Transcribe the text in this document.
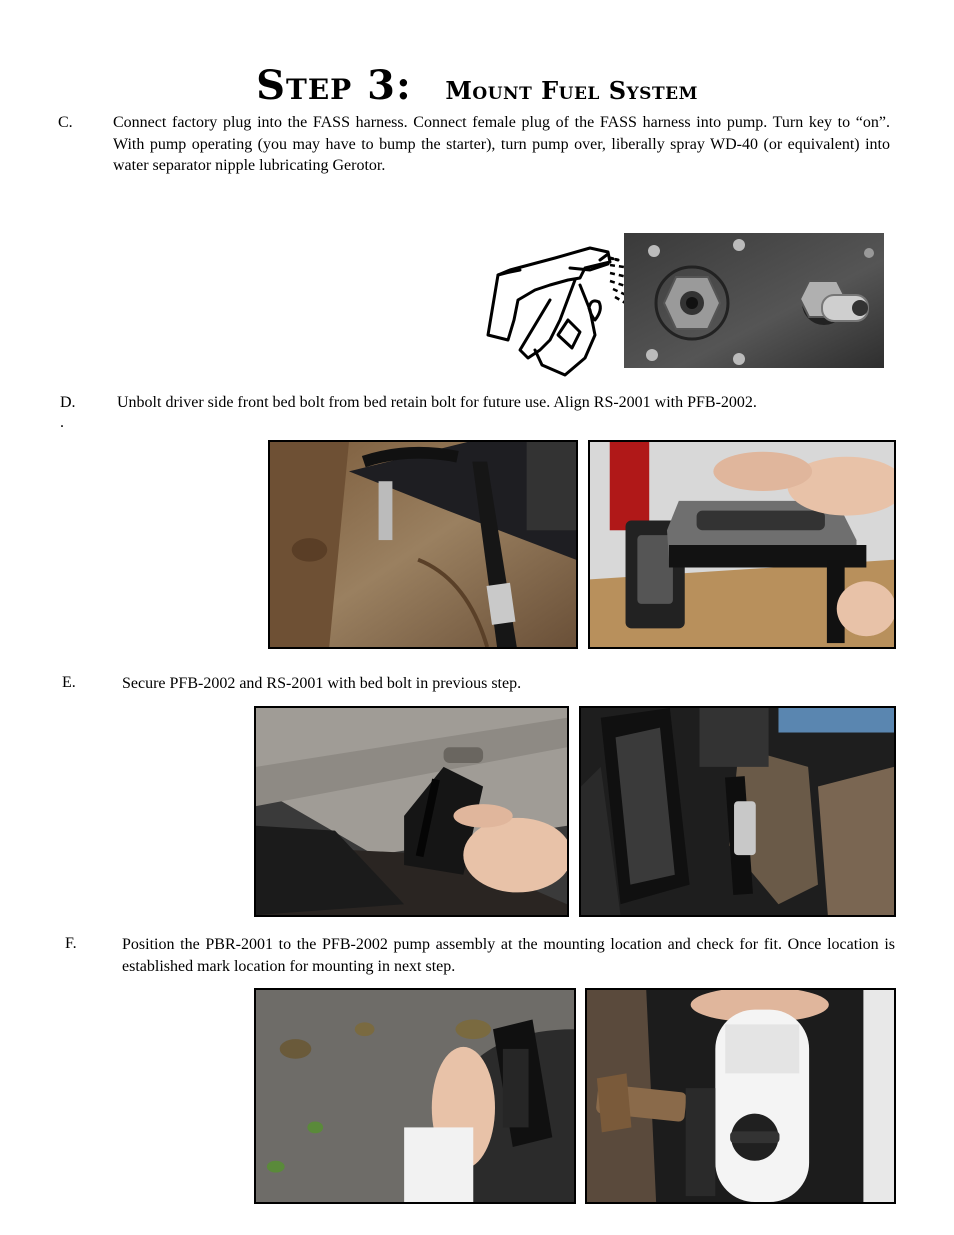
Step 3: Mount Fuel System
C.	Connect factory plug into the FASS harness. Connect female plug of the FASS harness into pump. Turn key to “on”. With pump operating (you may have to bump the starter), turn pump over, liberally spray WD-40 (or equivalent) into water separator nipple lubricating Gerotor.
D.	Unbolt driver side front bed bolt from bed retain bolt for future use. Align RS-2001 with PFB-2002.
.
E.	Secure PFB-2002 and RS-2001 with bed bolt in previous step.
F.	Position the PBR-2001 to the PFB-2002 pump assembly at the mounting location and check for fit. Once location is established mark location for mounting in next step.
